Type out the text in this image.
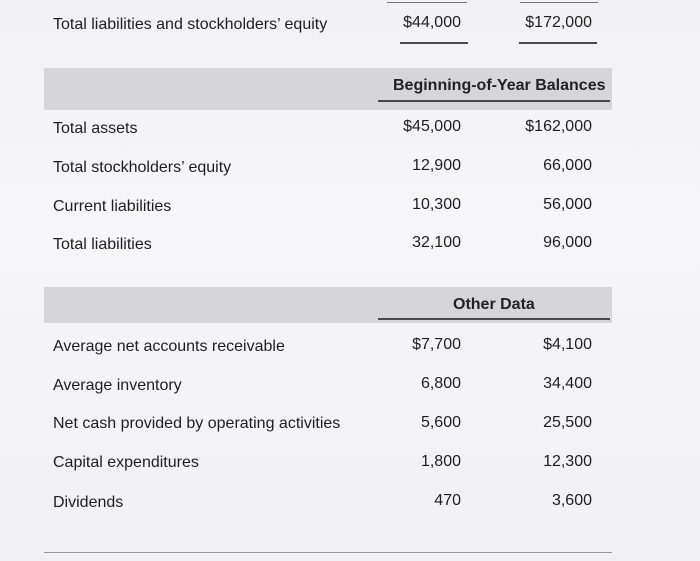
Total liabilities and stockholders’ equity	$44,000	$172,000
Beginning-of-Year Balances
Total assets	$45,000	$162,000
Total stockholders’ equity	12,900	66,000
Current liabilities	10,300	56,000
Total liabilities	32,100	96,000
Other Data
Average net accounts receivable	$7,700	$4,100
Average inventory	6,800	34,400
Net cash provided by operating activities	5,600	25,500
Capital expenditures	1,800	12,300
Dividends	470	3,600
